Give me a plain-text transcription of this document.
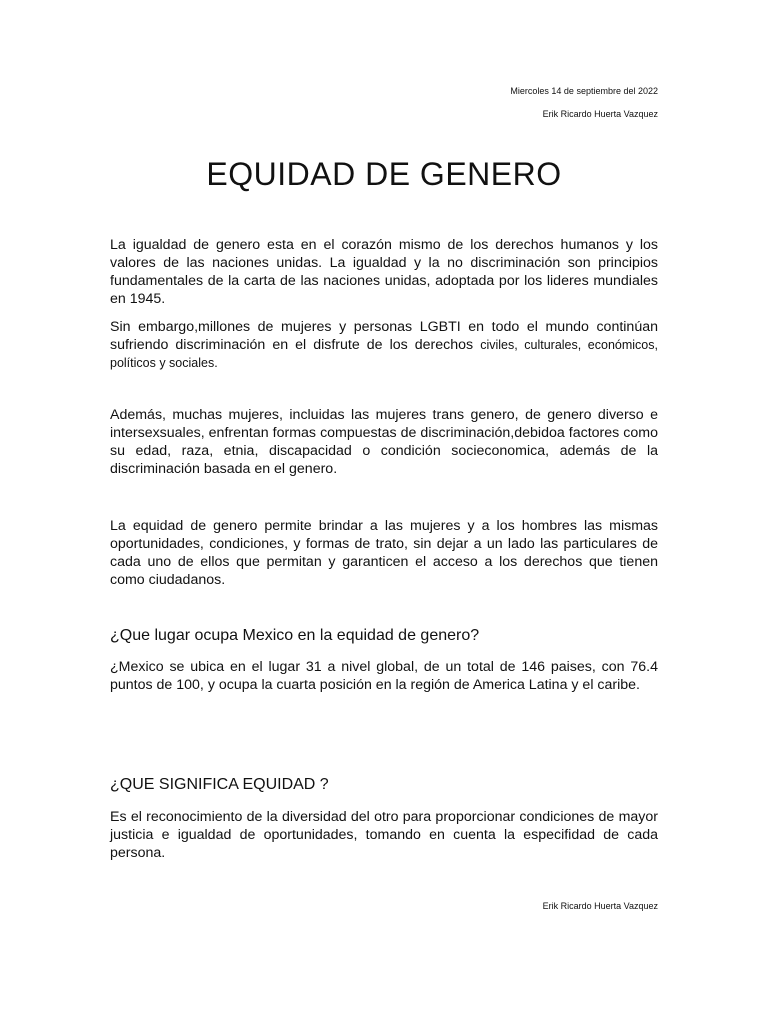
Miercoles 14 de septiembre del 2022
Erik Ricardo Huerta Vazquez
EQUIDAD DE GENERO

La igualdad de genero esta en el corazón mismo de los derechos humanos y los valores de las naciones unidas. La igualdad y la no discriminación son principios fundamentales de la carta de las naciones unidas, adoptada por los lideres mundiales en 1945.

Sin embargo,millones de mujeres y personas LGBTI en todo el mundo continúan sufriendo discriminación en el disfrute de los derechos civiles, culturales, económicos, políticos y sociales.

Además, muchas mujeres, incluidas las mujeres trans genero, de genero diverso e intersexsuales, enfrentan formas compuestas de discriminación,debidoa factores como su edad, raza, etnia, discapacidad o condición socieconomica, además de la discriminación basada en el genero.

La equidad de genero permite brindar a las mujeres y a los hombres las mismas oportunidades, condiciones, y formas de trato, sin dejar a un lado las particulares de cada uno de ellos que permitan y garanticen el acceso a los derechos que tienen como ciudadanos.

¿Que lugar ocupa Mexico en la equidad de genero?

¿Mexico se ubica en el lugar 31 a nivel global, de un total de 146 paises, con 76.4 puntos de 100, y ocupa la cuarta posición en la región de America Latina y el caribe.

¿QUE SIGNIFICA EQUIDAD ?

Es el reconocimiento de la diversidad del otro para proporcionar condiciones de mayor justicia e igualdad de oportunidades, tomando en cuenta la especifidad de cada persona.

Erik Ricardo Huerta Vazquez
